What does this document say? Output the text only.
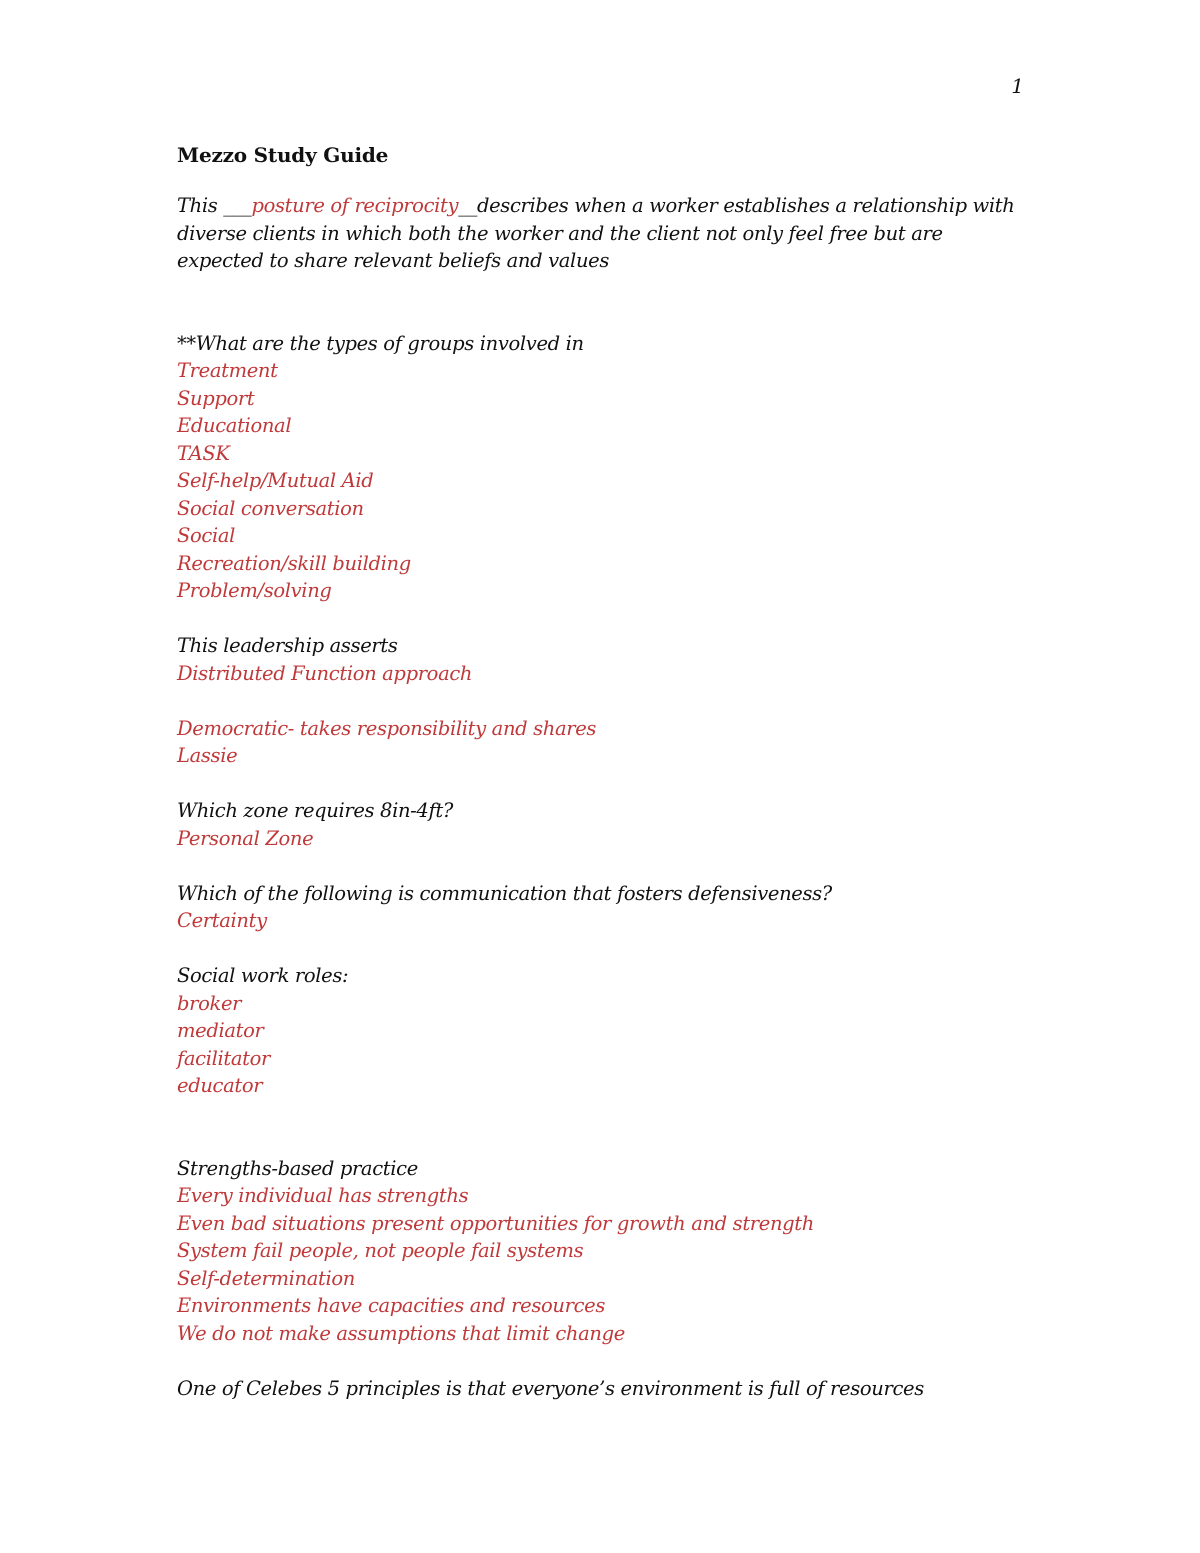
1
Mezzo Study Guide
This ___posture of reciprocity__describes when a worker establishes a relationship with
diverse clients in which both the worker and the client not only feel free but are
expected to share relevant beliefs and values
**What are the types of groups involved in
Treatment
Support
Educational
TASK
Self-help/Mutual Aid
Social conversation
Social
Recreation/skill building
Problem/solving
This leadership asserts
Distributed Function approach
Democratic- takes responsibility and shares
Lassie
Which zone requires 8in-4ft?
Personal Zone
Which of the following is communication that fosters defensiveness?
Certainty
Social work roles:
broker
mediator
facilitator
educator
Strengths-based practice
Every individual has strengths
Even bad situations present opportunities for growth and strength
System fail people, not people fail systems
Self-determination
Environments have capacities and resources
We do not make assumptions that limit change
One of Celebes 5 principles is that everyone’s environment is full of resources
